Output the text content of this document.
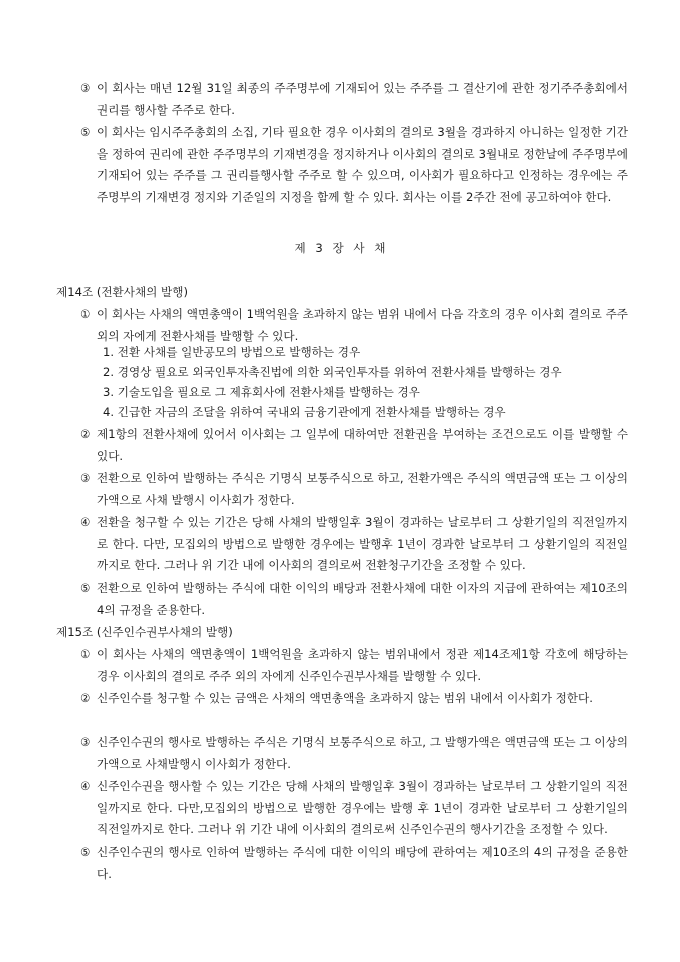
③ 이 회사는 매년 12월 31일 최종의 주주명부에 기재되어 있는 주주를 그 결산기에 관한 정기주주총회에서 권리를 행사할 주주로 한다.
⑤ 이 회사는 임시주주총회의 소집, 기타 필요한 경우 이사회의 결의로 3월을 경과하지 아니하는 일정한 기간을 정하여 권리에 관한 주주명부의 기재변경을 정지하거나 이사회의 결의로 3월내로 정한날에 주주명부에 기재되어 있는 주주를 그 권리를행사할 주주로 할 수 있으며, 이사회가 필요하다고 인정하는 경우에는 주주명부의 기재변경 정지와 기준일의 지정을 함께 할 수 있다. 회사는 이를 2주간 전에 공고하여야 한다.
제 3 장 사 채
제14조 (전환사채의 발행)
① 이 회사는 사채의 액면총액이 1백억원을 초과하지 않는 범위 내에서 다음 각호의 경우 이사회 결의로 주주외의 자에게 전환사채를 발행할 수 있다.
1. 전환 사채를 일반공모의 방법으로 발행하는 경우
2. 경영상 필요로 외국인투자촉진법에 의한 외국인투자를 위하여 전환사채를 발행하는 경우
3. 기술도입을 필요로 그 제휴회사에 전환사채를 발행하는 경우
4. 긴급한 자금의 조달을 위하여 국내외 금융기관에게 전환사채를 발행하는 경우
② 제1항의 전환사채에 있어서 이사회는 그 일부에 대하여만 전환권을 부여하는 조건으로도 이를 발행할 수 있다.
③ 전환으로 인하여 발행하는 주식은 기명식 보통주식으로 하고, 전환가액은 주식의 액면금액 또는 그 이상의 가액으로 사채 발행시 이사회가 정한다.
④ 전환을 청구할 수 있는 기간은 당해 사채의 발행일후 3월이 경과하는 날로부터 그 상환기일의 직전일까지로 한다. 다만, 모집외의 방법으로 발행한 경우에는 발행후 1년이 경과한 날로부터 그 상환기일의 직전일 까지로 한다. 그러나 위 기간 내에 이사회의 결의로써 전환청구기간을 조정할 수 있다.
⑤ 전환으로 인하여 발행하는 주식에 대한 이익의 배당과 전환사채에 대한 이자의 지급에 관하여는 제10조의 4의 규정을 준용한다.
제15조 (신주인수권부사채의 발행)
① 이 회사는 사채의 액면총액이 1백억원을 초과하지 않는 범위내에서 정관 제14조제1항 각호에 해당하는 경우 이사회의 결의로 주주 외의 자에게 신주인수권부사채를 발행할 수 있다.
② 신주인수를 청구할 수 있는 금액은 사채의 액면총액을 초과하지 않는 범위 내에서 이사회가 정한다.
③ 신주인수권의 행사로 발행하는 주식은 기명식 보통주식으로 하고, 그 발행가액은 액면금액 또는 그 이상의 가액으로 사채발행시 이사회가 정한다.
④ 신주인수권을 행사할 수 있는 기간은 당해 사채의 발행일후 3월이 경과하는 날로부터 그 상환기일의 직전일까지로 한다. 다만,모집외의 방법으로 발행한 경우에는 발행 후 1년이 경과한 날로부터 그 상환기일의 직전일까지로 한다. 그러나 위 기간 내에 이사회의 결의로써 신주인수권의 행사기간을 조정할 수 있다.
⑤ 신주인수권의 행사로 인하여 발행하는 주식에 대한 이익의 배당에 관하여는 제10조의 4의 규정을 준용한다.
